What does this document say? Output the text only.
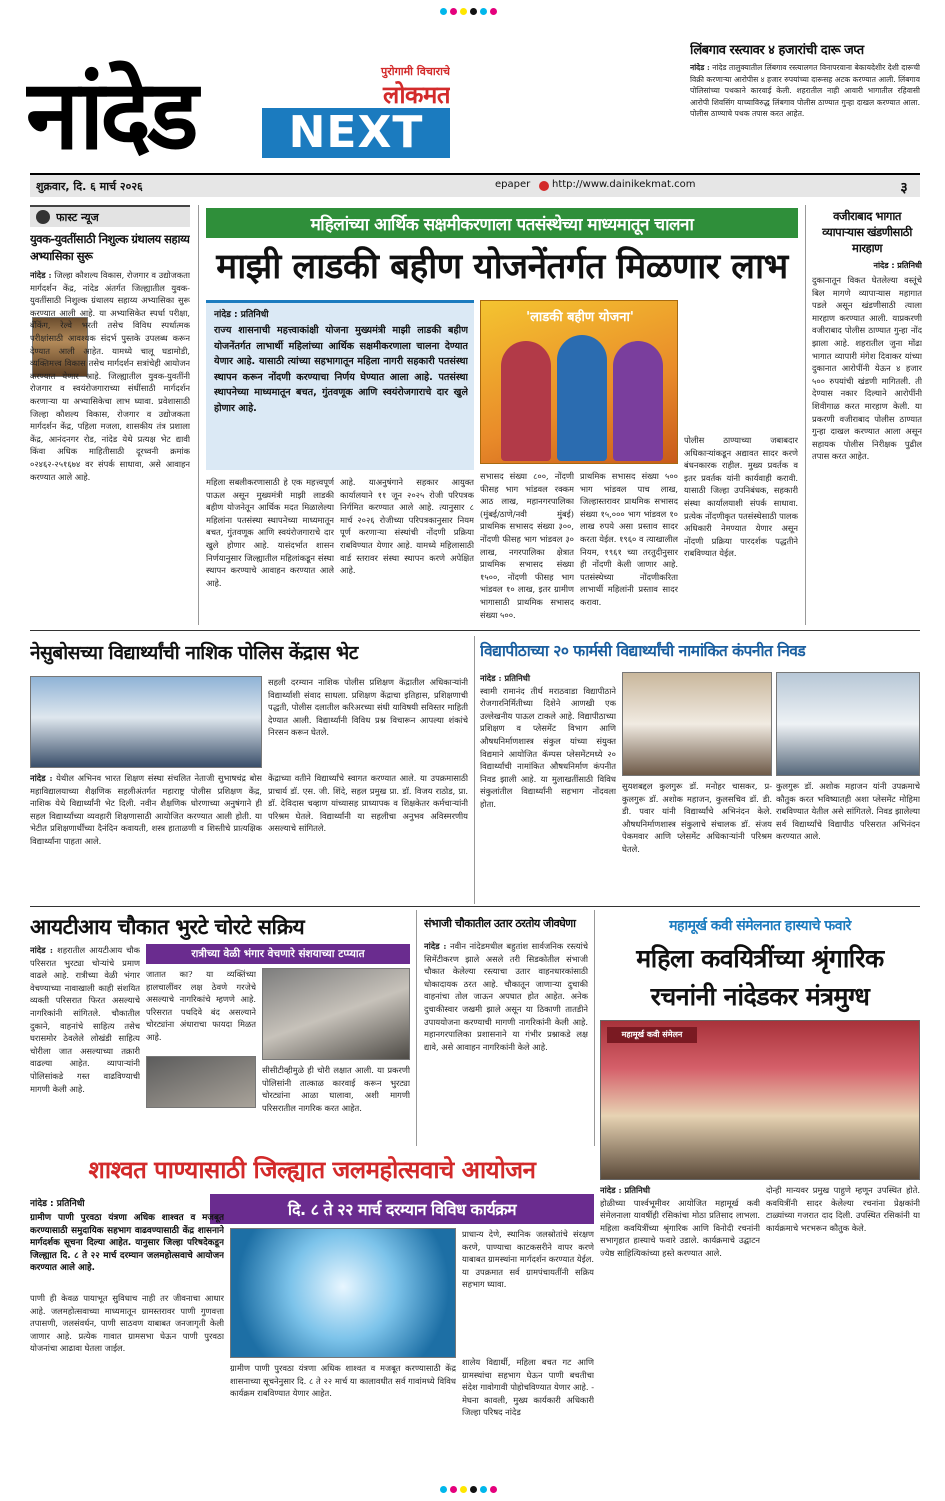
नांदेड	पुरोगामी विचाराचे
लोकमत
NEXT
शुक्रवार, दि. ६ मार्च २०२६	epaper	http://www.dainikekmat.com	३
लिंबगाव रस्त्यावर ४ हजारांची दारू जप्त
नांदेड : नांदेड तालुक्यातील लिंबगाव रस्त्यालगत विनापरवाना बेकायदेशीर देशी दारूची विक्री करणाऱ्या आरोपीस ४ हजार रुपयांच्या दारूसह अटक करण्यात आली. लिंबगाव पोलिसांच्या पथकाने कारवाई केली. शहरातील नाही आवारी भागातील रहिवासी आरोपी शिवसिंग याच्याविरुद्ध लिंबगाव पोलीस ठाण्यात गुन्हा दाखल करण्यात आला. पोलीस ठाण्याचे पथक तपास करत आहेत.
फास्ट न्यूज
युवक-युवतींसाठी निशुल्क ग्रंथालय सहाय्य अभ्यासिका सुरू
नांदेड : जिल्हा कौशल्य विकास, रोजगार व उद्योजकता मार्गदर्शन केंद्र, नांदेड अंतर्गत जिल्ह्यातील युवक-युवतींसाठी निशुल्क ग्रंथालय सहाय्य अभ्यासिका सुरू करण्यात आली आहे. या अभ्यासिकेत स्पर्धा परीक्षा, बँकिंग, रेल्वे भरती तसेच विविध स्पर्धात्मक परीक्षांसाठी आवश्यक संदर्भ पुस्तके उपलब्ध करून देण्यात आली आहेत. यामध्ये चालू घडामोडी, व्यक्तिमत्त्व विकास तसेच मार्गदर्शन सत्रांचेही आयोजन करण्यात येणार आहे. जिल्ह्यातील युवक-युवतींनी रोजगार व स्वयंरोजगाराच्या संधींसाठी मार्गदर्शन करणाऱ्या या अभ्यासिकेचा लाभ घ्यावा. प्रवेशासाठी जिल्हा कौशल्य विकास, रोजगार व उद्योजकता मार्गदर्शन केंद्र, पहिला मजला, शासकीय तंत्र प्रशाला केंद्र, आनंदनगर रोड, नांदेड येथे प्रत्यक्ष भेट द्यावी किंवा अधिक माहितीसाठी दूरध्वनी क्रमांक ०२४६२-२५१६७४ वर संपर्क साधावा, असे आवाहन करण्यात आले आहे.
महिलांच्या आर्थिक सक्षमीकरणाला पतसंस्थेच्या माध्यमातून चालना
माझी लाडकी बहीण योजनेंतर्गत मिळणार लाभ
नांदेड : प्रतिनिधी
राज्य शासनाची महत्त्वाकांक्षी योजना मुख्यमंत्री माझी लाडकी बहीण योजनेंतर्गत लाभार्थी महिलांच्या आर्थिक सक्षमीकरणाला चालना देण्यात येणार आहे. यासाठी त्यांच्या सहभागातून महिला नागरी सहकारी पतसंस्था स्थापन करून नोंदणी करण्याचा निर्णय घेण्यात आला आहे. पतसंस्था स्थापनेच्या माध्यमातून बचत, गुंतवणूक आणि स्वयंरोजगाराचे दार खुले होणार आहे.
'लाडकी बहीण योजना'
पोलीस ठाण्याच्या जबाबदार अधिकाऱ्यांकडून अद्यावत सादर करणे बंधनकारक राहील. मुख्य प्रवर्तक व इतर प्रवर्तक यांनी कार्यवाही करावी. यासाठी जिल्हा उपनिबंधक, सहकारी संस्था कार्यालयाशी संपर्क साधावा. प्रत्येक नोंदणीकृत पतसंस्थेसाठी पालक अधिकारी नेमण्यात येणार असून नोंदणी प्रक्रिया पारदर्शक पद्धतीने राबविण्यात येईल.
महिला सबलीकरणासाठी हे एक महत्त्वपूर्ण पाऊल असून मुख्यमंत्री माझी लाडकी बहीण योजनेतून आर्थिक मदत मिळालेल्या महिलांना पतसंस्था स्थापनेच्या माध्यमातून बचत, गुंतवणूक आणि स्वयंरोजगाराचे दार खुले होणार आहे. यासंदर्भात शासन निर्णयानुसार जिल्ह्यातील महिलांकडून संस्था स्थापन करण्याचे आवाहन करण्यात आले आहे.
आहे. याअनुषंगाने सहकार आयुक्त कार्यालयाने ११ जून २०२५ रोजी परिपत्रक निर्गमित करण्यात आले आहे. त्यानुसार ८ मार्च २०२६ रोजीच्या परिपत्रकानुसार नियम पूर्ण करणाऱ्या संस्थांची नोंदणी प्रक्रिया राबविण्यात येणार आहे. यामध्ये महिलासाठी वार्ड स्तरावर संस्था स्थापन करणे अपेक्षित आहे.
सभासद संख्या ८००, नोंदणी फीसह भाग भांडवल रक्कम आठ लाख, महानगरपालिका (मुंबई/ठाणे/नवी मुंबई) प्राथमिक सभासद संख्या ३००, नोंदणी फीसह भाग भांडवल ३० लाख, नगरपालिका क्षेत्रात प्राथमिक सभासद संख्या १५००, नोंदणी फीसह भाग भांडवल १० लाख, इतर ग्रामीण भागासाठी प्राथमिक सभासद संख्या ५००.
प्राथमिक सभासद संख्या ५०० भाग भांडवल पाच लाख, जिल्हास्तरावर प्राथमिक सभासद संख्या १५,००० भाग भांडवल १० लाख रुपये असा प्रस्ताव सादर करता येईल. १९६० व त्याखालील नियम, १९६१ च्या तरतुदीनुसार ही नोंदणी केली जाणार आहे. पतसंस्थेच्या नोंदणीकरिता लाभार्थी महिलांनी प्रस्ताव सादर करावा.
वजीराबाद भागात व्यापाऱ्यास खंडणीसाठी मारहाण
नांदेड : प्रतिनिधी
दुकानातून विकत घेतलेल्या वस्तूंचे बिल मागणे व्यापाऱ्यास महागात पडले असून खंडणीसाठी त्याला मारहाण करण्यात आली. याप्रकरणी वजीराबाद पोलीस ठाण्यात गुन्हा नोंद झाला आहे. शहरातील जुना मोंढा भागात व्यापारी मंगेश दिवाकर यांच्या दुकानात आरोपींनी येऊन ४ हजार ५०० रुपयांची खंडणी मागितली. ती देण्यास नकार दिल्याने आरोपींनी शिवीगाळ करत मारहाण केली. या प्रकरणी वजीराबाद पोलीस ठाण्यात गुन्हा दाखल करण्यात आला असून सहायक पोलीस निरीक्षक पुढील तपास करत आहेत.
नेसुबोसच्या विद्यार्थ्यांची नाशिक पोलिस केंद्रास भेट
सहली दरम्यान नाशिक पोलीस प्रशिक्षण केंद्रातील अधिकाऱ्यांनी विद्यार्थ्यांशी संवाद साधला. प्रशिक्षण केंद्राचा इतिहास, प्रशिक्षणाची पद्धती, पोलीस दलातील करिअरच्या संधी याविषयी सविस्तर माहिती देण्यात आली. विद्यार्थ्यांनी विविध प्रश्न विचारून आपल्या शंकांचे निरसन करून घेतले.
नांदेड : येथील अभिनव भारत शिक्षण संस्था संचलित नेताजी सुभाषचंद्र बोस महाविद्यालयाच्या शैक्षणिक सहलीअंतर्गत महाराष्ट्र पोलीस प्रशिक्षण केंद्र, नाशिक येथे विद्यार्थ्यांनी भेट दिली. नवीन शैक्षणिक धोरणाच्या अनुषंगाने ही सहल विद्यार्थ्यांच्या व्यवहारी शिक्षणासाठी आयोजित करण्यात आली होती. या भेटीत प्रशिक्षणार्थींच्या दैनंदिन कवायती, शस्त्र हाताळणी व शिस्तीचे प्रात्यक्षिक विद्यार्थ्यांना पाहता आले.
केंद्राच्या वतीने विद्यार्थ्यांचे स्वागत करण्यात आले. या उपक्रमासाठी प्राचार्य डॉ. एस. जी. शिंदे, सहल प्रमुख प्रा. डॉ. विजय राठोड, प्रा. डॉ. देविदास चव्हाण यांच्यासह प्राध्यापक व शिक्षकेतर कर्मचाऱ्यांनी परिश्रम घेतले. विद्यार्थ्यांनी या सहलीचा अनुभव अविस्मरणीय असल्याचे सांगितले.
विद्यापीठाच्या २० फार्मसी विद्यार्थ्यांची नामांकित कंपनीत निवड
नांदेड : प्रतिनिधी
स्वामी रामानंद तीर्थ मराठवाडा विद्यापीठाने रोजगारनिर्मितीच्या दिशेने आणखी एक उल्लेखनीय पाऊल टाकले आहे. विद्यापीठाच्या प्रशिक्षण व प्लेसमेंट विभाग आणि औषधनिर्माणशास्त्र संकुल यांच्या संयुक्त विद्यमाने आयोजित कॅम्पस प्लेसमेंटमध्ये २० विद्यार्थ्यांची नामांकित औषधनिर्माण कंपनीत निवड झाली आहे. या मुलाखतींसाठी विविध संकुलांतील विद्यार्थ्यांनी सहभाग नोंदवला होता.
सुयशबद्दल कुलगुरू डॉ. मनोहर चासकर, प्र-कुलगुरू डॉ. अशोक महाजन, कुलसचिव डॉ. डी. डी. पवार यांनी विद्यार्थ्यांचे अभिनंदन केले. औषधनिर्माणशास्त्र संकुलाचे संचालक डॉ. संजय पेकमवार आणि प्लेसमेंट अधिकाऱ्यांनी परिश्रम घेतले.
कुलगुरू डॉ. अशोक महाजन यांनी उपक्रमाचे कौतुक करत भविष्यातही अशा प्लेसमेंट मोहिमा राबविण्यात येतील असे सांगितले. निवड झालेल्या सर्व विद्यार्थ्यांचे विद्यापीठ परिसरात अभिनंदन करण्यात आले.
आयटीआय चौकात भुरटे चोरटे सक्रिय
नांदेड : शहरातील आयटीआय चौक परिसरात भुरट्या चोऱ्यांचे प्रमाण वाढले आहे. रात्रीच्या वेळी भंगार वेचण्याच्या नावाखाली काही संशयित व्यक्ती परिसरात फिरत असल्याचे नागरिकांनी सांगितले. चौकातील दुकाने, वाहनांचे साहित्य तसेच घरासमोर ठेवलेले लोखंडी साहित्य चोरीला जात असल्याच्या तक्रारी वाढल्या आहेत. व्यापाऱ्यांनी पोलिसांकडे गस्त वाढविण्याची मागणी केली आहे.
रात्रीच्या वेळी भंगार वेचणारे संशयाच्या टप्प्यात
जातात का? या व्यक्तिंच्या हालचालींवर लक्ष ठेवणे गरजेचे असल्याचे नागरिकांचे म्हणणे आहे. परिसरात पथदिवे बंद असल्याने चोरट्यांना अंधाराचा फायदा मिळत आहे.
सीसीटीव्हीमुळे ही चोरी लक्षात आली. या प्रकरणी पोलिसांनी तात्काळ कारवाई करून भुरट्या चोरट्यांना आळा घालावा, अशी मागणी परिसरातील नागरिक करत आहेत.
संभाजी चौकातील उतार ठरतोय जीवघेणा
नांदेड : नवीन नांदेडमधील बहुतांश सार्वजनिक रस्त्यांचे सिमेंटीकरण झाले असले तरी सिडकोतील संभाजी चौकात केलेल्या रस्त्याचा उतार वाहनधारकांसाठी धोकादायक ठरत आहे. चौकातून जाणाऱ्या दुचाकी वाहनांचा तोल जाऊन अपघात होत आहेत. अनेक दुचाकीस्वार जखमी झाले असून या ठिकाणी तातडीने उपाययोजना करण्याची मागणी नागरिकांनी केली आहे. महानगरपालिका प्रशासनाने या गंभीर प्रश्नाकडे लक्ष द्यावे, असे आवाहन नागरिकांनी केले आहे.
महामूर्ख कवी संमेलनात हास्याचे फवारे
महिला कवयित्रींच्या श्रृंगारिक रचनांनी नांदेडकर मंत्रमुग्ध
महामूर्ख कवी संमेलन
नांदेड : प्रतिनिधी
होळीच्या पार्श्वभूमीवर आयोजित महामूर्ख कवी संमेलनाला यावर्षीही रसिकांचा मोठा प्रतिसाद लाभला. महिला कवयित्रींच्या श्रृंगारिक आणि विनोदी रचनांनी सभागृहात हास्याचे फवारे उडाले. कार्यक्रमाचे उद्घाटन ज्येष्ठ साहित्यिकांच्या हस्ते करण्यात आले.
दोन्ही मान्यवर प्रमुख पाहुणे म्हणून उपस्थित होते. कवयित्रींनी सादर केलेल्या रचनांना प्रेक्षकांनी टाळ्यांच्या गजरात दाद दिली. उपस्थित रसिकांनी या कार्यक्रमाचे भरभरून कौतुक केले.
शाश्वत पाण्यासाठी जिल्ह्यात जलमहोत्सवाचे आयोजन
दि. ८ ते २२ मार्च दरम्यान विविध कार्यक्रम
नांदेड : प्रतिनिधी
ग्रामीण पाणी पुरवठा यंत्रणा अधिक शाश्वत व मजबूत करण्यासाठी समुदायिक सहभाग वाढवण्यासाठी केंद्र शासनाने मार्गदर्शक सूचना दिल्या आहेत. यानुसार जिल्हा परिषदेकडून जिल्ह्यात दि. ८ ते २२ मार्च दरम्यान जलमहोत्सवाचे आयोजन करण्यात आले आहे.
पाणी ही केवळ पायाभूत सुविधाच नाही तर जीवनाचा आधार आहे. जलमहोत्सवाच्या माध्यमातून ग्रामस्तरावर पाणी गुणवत्ता तपासणी, जलसंवर्धन, पाणी साठवण याबाबत जनजागृती केली जाणार आहे. प्रत्येक गावात ग्रामसभा घेऊन पाणी पुरवठा योजनांचा आढावा घेतला जाईल.
ग्रामीण पाणी पुरवठा यंत्रणा अधिक शाश्वत व मजबूत करण्यासाठी केंद्र शासनाच्या सूचनेनुसार दि. ८ ते २२ मार्च या कालावधीत सर्व गावांमध्ये विविध कार्यक्रम राबविण्यात येणार आहेत.
प्राधान्य देणे, स्थानिक जलस्रोतांचे संरक्षण करणे, पाण्याचा काटकसरीने वापर करणे याबाबत ग्रामस्थांना मार्गदर्शन करण्यात येईल. या उपक्रमात सर्व ग्रामपंचायतींनी सक्रिय सहभाग घ्यावा.
शालेय विद्यार्थी, महिला बचत गट आणि ग्रामस्थांचा सहभाग घेऊन पाणी बचतीचा संदेश गावोगावी पोहोचविण्यात येणार आहे. - मेघना कावली, मुख्य कार्यकारी अधिकारी जिल्हा परिषद नांदेड
